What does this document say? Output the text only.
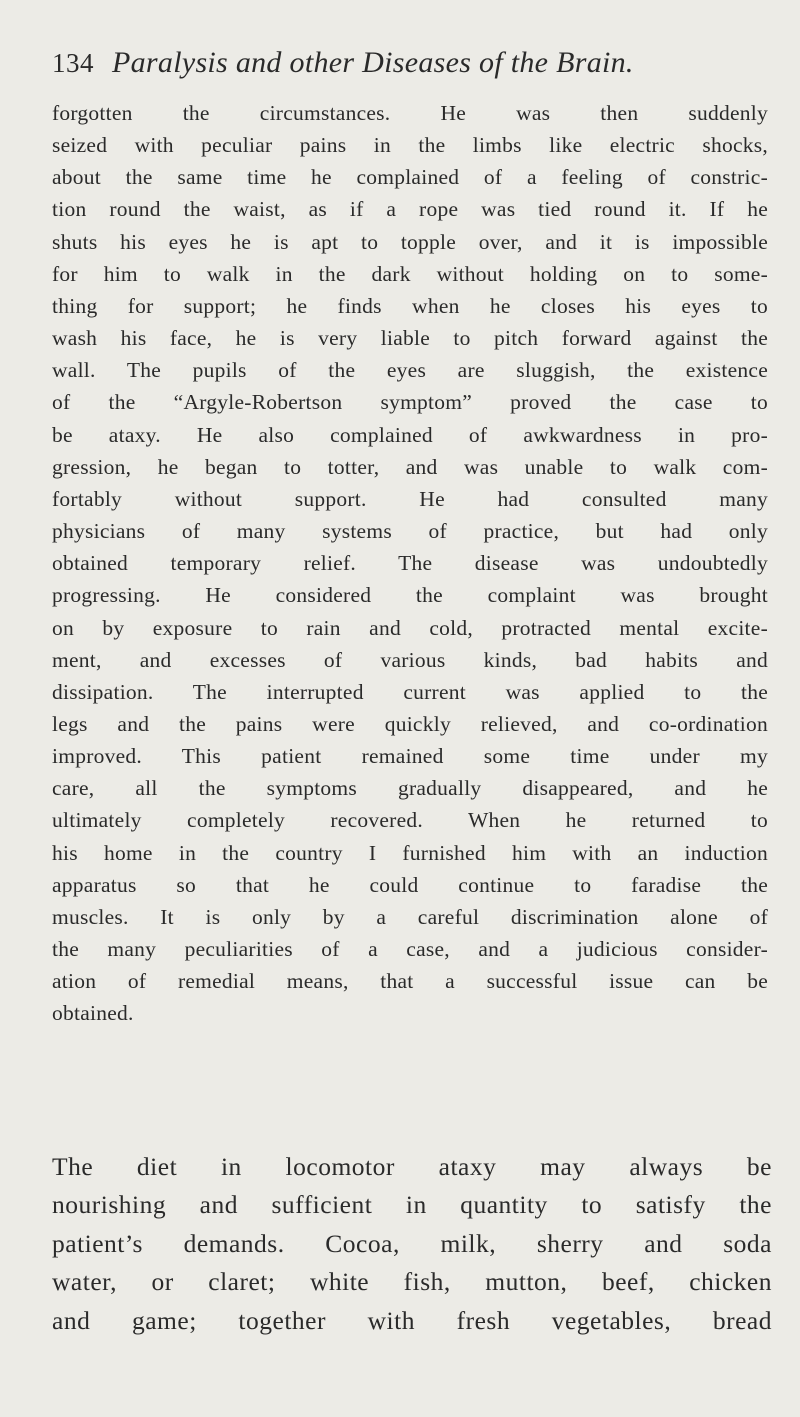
134 Paralysis and other Diseases of the Brain.
forgotten the circumstances. He was then suddenly
seized with peculiar pains in the limbs like electric shocks,
about the same time he complained of a feeling of constric-
tion round the waist, as if a rope was tied round it. If he
shuts his eyes he is apt to topple over, and it is impossible
for him to walk in the dark without holding on to some-
thing for support; he finds when he closes his eyes to
wash his face, he is very liable to pitch forward against the
wall. The pupils of the eyes are sluggish, the existence
of the “Argyle-Robertson symptom” proved the case to
be ataxy. He also complained of awkwardness in pro-
gression, he began to totter, and was unable to walk com-
fortably without support. He had consulted many
physicians of many systems of practice, but had only
obtained temporary relief. The disease was undoubtedly
progressing. He considered the complaint was brought
on by exposure to rain and cold, protracted mental excite-
ment, and excesses of various kinds, bad habits and
dissipation. The interrupted current was applied to the
legs and the pains were quickly relieved, and co-ordination
improved. This patient remained some time under my
care, all the symptoms gradually disappeared, and he
ultimately completely recovered. When he returned to
his home in the country I furnished him with an induction
apparatus so that he could continue to faradise the
muscles. It is only by a careful discrimination alone of
the many peculiarities of a case, and a judicious consider-
ation of remedial means, that a successful issue can be
obtained.
The diet in locomotor ataxy may always be
nourishing and sufficient in quantity to satisfy the
patient’s demands. Cocoa, milk, sherry and soda
water, or claret; white fish, mutton, beef, chicken
and game; together with fresh vegetables, bread
